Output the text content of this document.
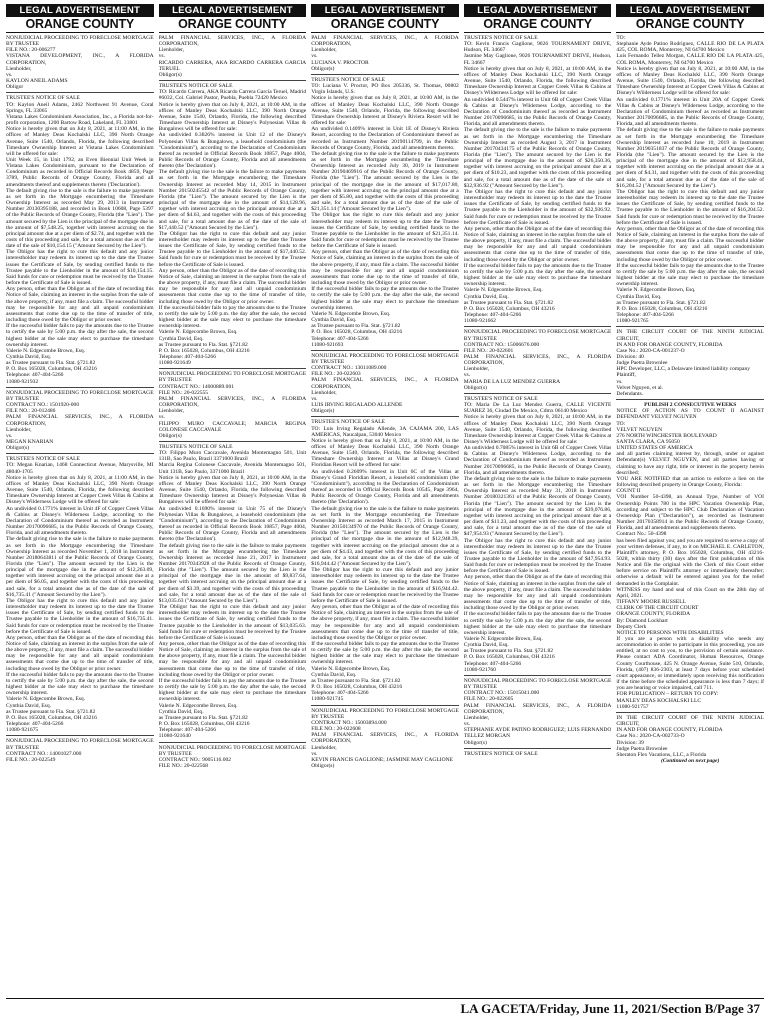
LEGAL ADVERTISEMENT
ORANGE COUNTY

NONJUDICIAL PROCEEDING TO FORECLOSE MORTGAGE BY TRUSTEE

FILE NO.: 20-006277

VISTANA DEVELOPMENT, INC., A FLORIDA CORPORATION,

Lienholder,

vs.

KAYLON ANEIL ADAMS

Obligor

TRUSTEE'S NOTICE OF SALE

TO: Kaylon Aneil Adams, 2462 Northwest 91 Avenue, Coral Springs, FL 33065

Vistana Lakes Condominium Association, Inc., a Florida not-for-profit corporation, 1200 Bartow Road, Lakeland, FL 33801

Notice is hereby given that on July 8, 2021, at 11:00 AM, in the offices of Manley Deas Kochalski LLC, 390 North Orange Avenue, Suite 1540, Orlando, Florida, the following described Timeshare Ownership Interest at Vistana Lakes Condominium will be offered for sale:

Unit Week 15, in Unit 1792, an Even Biennial Unit Week in Vistana Lakes Condominium, pursuant to the Declaration of Condominium as recorded in Official Records Book 4859, Page 3789, Public Records of Orange County, Florida and all amendments thereof and supplements thereto ('Declaration').

The default giving rise to the sale is the failure to make payments as set forth in the Mortgage encumbering the Timeshare Ownership Interest as recorded May 29, 2013 in Instrument Number 20130395188, and recorded in Book 10608, Page 5397 of the Public Records of Orange County, Florida (the "Lien"). The amount secured by the Lien is the principal of the mortgage due in the amount of $7,548.25, together with interest accruing on the principal amount due at a per diem of $2.74, and together with the costs of this proceeding and sale, for a total amount due as of the date of the sale of $10,154.15 ("Amount Secured by the Lien").

The Obligor has the right to cure this default and any junior interestholder may redeem its interest up to the date the Trustee issues the Certificate of Sale, by sending certified funds to the Trustee payable to the Lienholder in the amount of $10,154.15. Said funds for cure or redemption must be received by the Trustee before the Certificate of Sale is issued.

Any person, other than the Obligor as of the date of recording this Notice of Sale, claiming an interest in the surplus from the sale of the above property, if any, must file a claim. The successful bidder may be responsible for any and all unpaid condominium assessments that come due up to the time of transfer of title, including those owed by the Obligor or prior owner.

If the successful bidder fails to pay the amounts due to the Trustee to certify the sale by 5:00 p.m. the day after the sale, the second highest bidder at the sale may elect to purchase the timeshare ownership interest.

Valerie N. Edgecombe Brown, Esq.

Cynthia David, Esq.

as Trustee pursuant to Fla. Stat. §721.82

P. O. Box 165028, Columbus, OH 43216

Telephone: 407-404-5266

11080-921932

NONJUDICIAL PROCEEDING TO FORECLOSE MORTGAGE BY TRUSTEE

CONTRACT NO.: 1501920-000

FILE NO.: 20-012486

PALM FINANCIAL SERVICES, INC., A FLORIDA CORPORATION,

Lienholder,

vs.

MEGAN KNARIAN

Obligor(s)

TRUSTEE'S NOTICE OF SALE

TO: Megan Knarian, 1468 Connecticut Avenue, Marysville, MI 48040-1705

Notice is hereby given that on July 8, 2021, at 11:00 AM, in the offices of Manley Deas Kochalski LLC, 390 North Orange Avenue, Suite 1540, Orlando, Florida, the following described Timeshare Ownership Interest at Copper Creek Villas & Cabins at Disney's Wilderness Lodge will be offered for sale:

An undivided 0.1771% interest in Unit 4F of Copper Creek Villas & Cabins at Disney's Wilderness Lodge, according to the Declaration of Condominium thereof as recorded as Instrument Number 20170096685, in the Public Records of Orange County, Florida, and all amendments thereto.

The default giving rise to the sale is the failure to make payments as set forth in the Mortgage encumbering the Timeshare Ownership Interest as recorded November 1, 2018 in Instrument Number 20180643811 of the Public Records of Orange County, Florida (the "Lien"). The amount secured by the Lien is the principal of the mortgage due in the amount of $12,263.09, together with interest accruing on the principal amount due at a per diem of $6.05, and together with the costs of this proceeding and sale, for a total amount due as of the date of the sale of $16,735.41 ("Amount Secured by the Lien").

The Obligor has the right to cure this default and any junior interestholder may redeem its interest up to the date the Trustee issues the Certificate of Sale, by sending certified funds to the Trustee payable to the Lienholder in the amount of $16,735.41. Said funds for cure or redemption must be received by the Trustee before the Certificate of Sale is issued.

Any person, other than the Obligor as of the date of recording this Notice of Sale, claiming an interest in the surplus from the sale of the above property, if any, must file a claim. The successful bidder may be responsible for any and all unpaid condominium assessments that come due up to the time of transfer of title, including those owed by the Obligor or prior owner.

If the successful bidder fails to pay the amounts due to the Trustee to certify the sale by 5:00 p.m. the day after the sale, the second highest bidder at the sale may elect to purchase the timeshare ownership interest.

Valerie N. Edgecombe Brown, Esq.

Cynthia David, Esq.

as Trustee pursuant to Fla. Stat. §721.82

P. O. Box 165028, Columbus, OH 43216

Telephone: 407-404-5266

11080-921675

NONJUDICIAL PROCEEDING TO FORECLOSE MORTGAGE BY TRUSTEE

CONTRACT NO.: 14001027.000

FILE NO.: 20-022549

LEGAL ADVERTISEMENT
ORANGE COUNTY

PALM FINANCIAL SERVICES, INC., A FLORIDA CORPORATION,

Lienholder,

vs.

RICARDO CARRERA, AKA RICARDO CARRERA GARCIA TERUEL

Obligor(s)

TRUSTEE'S NOTICE OF SALE

TO: Ricardo Carrera, AKA Ricardo Carrera Garcia Teruel, Madrid #6032, Col. Gabriel Pastor, Puebla, Puebla 72420 Mexico

Notice is hereby given that on July 8, 2021, at 10:00 AM, in the offices of Manley Deas Kochalski LLC, 390 North Orange Avenue, Suite 1540, Orlando, Florida, the following described Timeshare Ownership Interest at Disney's Polynesian Villas & Bungalows will be offered for sale:

An undivided 0.3826% interest in Unit 12 of the Disney's Polynesian Villas & Bungalows, a leasehold condominium (the "Condominium"), according to the Declaration of Condominium thereof as recorded in Official Records Book 10857, Page 4004, Public Records of Orange County, Florida and all amendments thereto (the 'Declaration').

The default giving rise to the sale is the failure to make payments as set forth in the Mortgage encumbering the Timeshare Ownership Interest as recorded May 14, 2015 in Instrument Number 20150245542 of the Public Records of Orange County, Florida (the "Lien"). The amount secured by the Lien is the principal of the mortgage due in the amount of $14,128.96, together with interest accruing on the principal amount due at a per diem of $4.63, and together with the costs of this proceeding and sale, for a total amount due as of the date of the sale of $17,440.52 ("Amount Secured by the Lien").

The Obligor has the right to cure this default and any junior interestholder may redeem its interest up to the date the Trustee issues the Certificate of Sale, by sending certified funds to the Trustee payable to the Lienholder in the amount of $17,440.52. Said funds for cure or redemption must be received by the Trustee before the Certificate of Sale is issued.

Any person, other than the Obligor as of the date of recording this Notice of Sale, claiming an interest in the surplus from the sale of the above property, if any, must file a claim. The successful bidder may be responsible for any and all unpaid condominium assessments that come due up to the time of transfer of title, including those owed by the Obligor or prior owner.

If the successful bidder fails to pay the amounts due to the Trustee to certify the sale by 5:00 p.m. the day after the sale, the second highest bidder at the sale may elect to purchase the timeshare ownership interest.

Valerie N. Edgecombe Brown, Esq.

Cynthia David, Esq.

as Trustee pursuant to Fla. Stat. §721.82

P. O. Box 165028, Columbus, OH 43216

Telephone: 407-404-5266

11080-921649

NONJUDICIAL PROCEEDING TO FORECLOSE MORTGAGE BY TRUSTEE

CONTRACT NO.: 14000889.001

FILE NO.: 20-022555

PALM FINANCIAL SERVICES, INC., A FLORIDA CORPORATION,

Lienholder,

vs.

FILIPPO MURO CACCAVALE; MARCIA REGINA COLONESE CACCAVALE

Obligor(s)

TRUSTEE'S NOTICE OF SALE

TO: Filippo Muro Caccavale, Avenida Montemagno 501, Unit 131B, Sao Paulo, Brazil 3371000 Brazil

Marcia Regina Colonese Caccavale, Avenida Montemagno 501, Unit 131B, Sao Paulo, 3371000 Brazil

Notice is hereby given that on July 8, 2021, at 10:00 AM, in the offices of Manley Deas Kochalski LLC, 390 North Orange Avenue, Suite 1540, Orlando, Florida, the following described Timeshare Ownership Interest at Disney's Polynesian Villas & Bungalows will be offered for sale:

An undivided 0.1690% interest in Unit 75 of the Disney's Polynesian Villas & Bungalows, a leasehold condominium (the "Condominium"), according to the Declaration of Condominium thereof as recorded in Official Records Book 10857, Page 4004, Public Records of Orange County, Florida and all amendments thereto (the 'Declaration').

The default giving rise to the sale is the failure to make payments as set forth in the Mortgage encumbering the Timeshare Ownership Interest as recorded June 21, 2017 in Instrument Number 20170343928 of the Public Records of Orange County, Florida (the "Lien"). The amount secured by the Lien is the principal of the mortgage due in the amount of $9,837.64, together with interest accruing on the principal amount due at a per diem of $3.39, and together with the costs of this proceeding and sale, for a total amount due as of the date of the sale of $13,035.63 ("Amount Secured by the Lien").

The Obligor has the right to cure this default and any junior interestholder may redeem its interest up to the date the Trustee issues the Certificate of Sale, by sending certified funds to the Trustee payable to the Lienholder in the amount of $13,035.63. Said funds for cure or redemption must be received by the Trustee before the Certificate of Sale is issued.

Any person, other than the Obligor as of the date of recording this Notice of Sale, claiming an interest in the surplus from the sale of the above property, if any, must file a claim. The successful bidder may be responsible for any and all unpaid condominium assessments that come due up to the time of transfer of title, including those owed by the Obligor or prior owner.

If the successful bidder fails to pay the amounts due to the Trustee to certify the sale by 5:00 p.m. the day after the sale, the second highest bidder at the sale may elect to purchase the timeshare ownership interest.

Valerie N. Edgecombe Brown, Esq.

Cynthia David, Esq.

as Trustee pursuant to Fla. Stat. §721.82

P. O. Box 165028, Columbus, OH 43216

Telephone: 407-404-5266

11080-921640

NONJUDICIAL PROCEEDING TO FORECLOSE MORTGAGE BY TRUSTEE

CONTRACT NO.: 9005116.002

FILE NO.: 20-022568

LEGAL ADVERTISEMENT
ORANGE COUNTY

PALM FINANCIAL SERVICES, INC., A FLORIDA CORPORATION,

Lienholder,

vs.

LUCIANA V. PROCTOR

Obligor(s)

TRUSTEE'S NOTICE OF SALE

TO: Luciana V. Proctor, PO Box 205336, St. Thomas, 00802 Virgin Islands, U.S.

Notice is hereby given that on July 8, 2021, at 10:00 AM, in the offices of Manley Deas Kochalski LLC, 390 North Orange Avenue, Suite 1540, Orlando, Florida, the following described Timeshare Ownership Interest at Disney's Riviera Resort will be offered for sale:

An undivided 0.1409% interest in Unit 1E of Disney's Riviera Resort, according to the Declaration of Condominium thereof as recorded as Instrument Number 20190114799, in the Public Records of Orange County, Florida, and all amendments thereto.

The default giving rise to the sale is the failure to make payments as set forth in the Mortgage encumbering the Timeshare Ownership Interest as recorded July 30, 2019 in Instrument Number 20190469916 of the Public Records of Orange County, Florida (the "Lien"). The amount secured by the Lien is the principal of the mortgage due in the amount of $17,017.80, together with interest accruing on the principal amount due at a per diem of $5.80, and together with the costs of this proceeding and sale, for a total amount due as of the date of the sale of $21,351.14 ("Amount Secured by the Lien").

The Obligor has the right to cure this default and any junior interestholder may redeem its interest up to the date the Trustee issues the Certificate of Sale, by sending certified funds to the Trustee payable to the Lienholder in the amount of $21,351.14. Said funds for cure or redemption must be received by the Trustee before the Certificate of Sale is issued.

Any person, other than the Obligor as of the date of recording this Notice of Sale, claiming an interest in the surplus from the sale of the above property, if any, must file a claim. The successful bidder may be responsible for any and all unpaid condominium assessments that come due up to the time of transfer of title, including those owed by the Obligor or prior owner.

If the successful bidder fails to pay the amounts due to the Trustee to certify the sale by 5:00 p.m. the day after the sale, the second highest bidder at the sale may elect to purchase the timeshare ownership interest.

Valerie N. Edgecombe Brown, Esq.

Cynthia David, Esq.

as Trustee pursuant to Fla. Stat. §721.82

P. O. Box 165028, Columbus, OH 43216

Telephone: 407-404-5266

11080-921693

NONJUDICIAL PROCEEDING TO FORECLOSE MORTGAGE BY TRUSTEE

CONTRACT NO.: 13011089.000

FILE NO.: 20-022603

PALM FINANCIAL SERVICES, INC., A FLORIDA CORPORATION,

Lienholder,

vs.

LUIS IRVING REGALADO ALLENDE

Obligor(s)

TRUSTEE'S NOTICE OF SALE

TO: Luis Irving Regalado Allende, 3A CAJAMA 200, LAS AMERICAS, Naucalpan, 53040 Mexico

Notice is hereby given that on July 8, 2021, at 10:00 AM, in the offices of Manley Deas Kochalski LLC, 390 North Orange Avenue, Suite 1540, Orlando, Florida, the following described Timeshare Ownership Interest at Villas at Disney's Grand Floridian Resort will be offered for sale:

An undivided 0.2609% interest in Unit 6C of the Villas at Disney's Grand Floridian Resort, a leasehold condominium (the "Condominium"), according to the Declaration of Condominium thereof as recorded in Official Records Book 10545, Page 3964, Public Records of Orange County, Florida and all amendments thereto (the 'Declaration').

The default giving rise to the sale is the failure to make payments as set forth in the Mortgage encumbering the Timeshare Ownership Interest as recorded March 17, 2015 in Instrument Number 20150134970 of the Public Records of Orange County, Florida (the "Lien"). The amount secured by the Lien is the principal of the mortgage due in the amount of $12,948.39, together with interest accruing on the principal amount due at a per diem of $4.43, and together with the costs of this proceeding and sale, for a total amount due as of the date of the sale of $16,944.42 ("Amount Secured by the Lien").

The Obligor has the right to cure this default and any junior interestholder may redeem its interest up to the date the Trustee issues the Certificate of Sale, by sending certified funds to the Trustee payable to the Lienholder in the amount of $16,944.42. Said funds for cure or redemption must be received by the Trustee before the Certificate of Sale is issued.

Any person, other than the Obligor as of the date of recording this Notice of Sale, claiming an interest in the surplus from the sale of the above property, if any, must file a claim. The successful bidder may be responsible for any and all unpaid condominium assessments that come due up to the time of transfer of title, including those owed by the Obligor or prior owner.

If the successful bidder fails to pay the amounts due to the Trustee to certify the sale by 5:00 p.m. the day after the sale, the second highest bidder at the sale may elect to purchase the timeshare ownership interest.

Valerie N. Edgecombe Brown, Esq.

Cynthia David, Esq.

as Trustee pursuant to Fla. Stat. §721.82

P. O. Box 165028, Columbus, OH 43216

Telephone: 407-404-5266

11080-921745

NONJUDICIAL PROCEEDING TO FORECLOSE MORTGAGE BY TRUSTEE

CONTRACT NO.: 15003894.000

FILE NO.: 20-022608

PALM FINANCIAL SERVICES, INC., A FLORIDA CORPORATION,

Lienholder,

vs.

KEVIN FRANCIS GAGLIONE; JASMINE MAY CAGLIONE

Obligor(s)

LEGAL ADVERTISEMENT
ORANGE COUNTY

TRUSTEE'S NOTICE OF SALE

TO: Kevin Francis Gaglione, 9026 TOURNAMENT DRIVE, Hudson, FL 34667

Jasmine May Gaglione, 9026 TOURNAMENT DRIVE, Hudson, FL 34667

Notice is hereby given that on July 8, 2021, at 10:00 AM, in the offices of Manley Deas Kochalski LLC, 390 North Orange Avenue, Suite 1540, Orlando, Florida, the following described Timeshare Ownership Interest at Copper Creek Villas & Cabins at Disney's Wilderness Lodge will be offered for sale:

An undivided 0.5447% interest in Unit 6B of Copper Creek Villas & Cabins at Disney's Wilderness Lodge, according to the Declaration of Condominium thereof as recorded as Instrument Number 20170096685, in the Public Records of Orange County, Florida, and all amendments thereto.

The default giving rise to the sale is the failure to make payments as set forth in the Mortgage encumbering the Timeshare Ownership Interest as recorded August 3, 2017 in Instrument Number 20170434175 of the Public Records of Orange County, Florida (the "Lien"). The amount secured by the Lien is the principal of the mortgage due in the amount of $26,350.36, together with interest accruing on the principal amount due at a per diem of $10.23, and together with the costs of this proceeding and sale, for a total amount due as of the date of the sale of $32,936.92 ("Amount Secured by the Lien").

The Obligor has the right to cure this default and any junior interestholder may redeem its interest up to the date the Trustee issues the Certificate of Sale, by sending certified funds to the Trustee payable to the Lienholder in the amount of $32,936.92. Said funds for cure or redemption must be received by the Trustee before the Certificate of Sale is issued.

Any person, other than the Obligor as of the date of recording this Notice of Sale, claiming an interest in the surplus from the sale of the above property, if any, must file a claim. The successful bidder may be responsible for any and all unpaid condominium assessments that come due up to the time of transfer of title, including those owed by the Obligor or prior owner.

If the successful bidder fails to pay the amounts due to the Trustee to certify the sale by 5:00 p.m. the day after the sale, the second highest bidder at the sale may elect to purchase the timeshare ownership interest.

Valerie N. Edgecombe Brown, Esq.

Cynthia David, Esq.

as Trustee pursuant to Fla. Stat. §721.82

P. O. Box 165028, Columbus, OH 43216

Telephone: 407-404-5266

11080-921662

NONJUDICIAL PROCEEDING TO FORECLOSE MORTGAGE BY TRUSTEE

CONTRACT NO.: 15006676.000

FILE NO.: 20-022601

PALM FINANCIAL SERVICES, INC., A FLORIDA CORPORATION,

Lienholder,

vs.

MARIA DE LA LUZ MENDEZ GUERRA

Obligor(s)

TRUSTEE'S NOTICE OF SALE

TO: Maria De La Luz Mendez Guerra, CALLE VICENTE SUAREZ 36, Ciudad De Mexico, Cdmx 06140 Mexico

Notice is hereby given that on July 8, 2021, at 10:00 AM, in the offices of Manley Deas Kochalski LLC, 390 North Orange Avenue, Suite 1540, Orlando, Florida, the following described Timeshare Ownership Interest at Copper Creek Villas & Cabins at Disney's Wilderness Lodge will be offered for sale:

An undivided 0.7085% interest in Unit 6B of Copper Creek Villas & Cabins at Disney's Wilderness Lodge, according to the Declaration of Condominium thereof as recorded as Instrument Number 20170096685, in the Public Records of Orange County, Florida, and all amendments thereto.

The default giving rise to the sale is the failure to make payments as set forth in the Mortgage encumbering the Timeshare Ownership Interest as recorded May 31, 2018 in Instrument Number 20180321361 of the Public Records of Orange County, Florida (the "Lien"). The amount secured by the Lien is the principal of the mortgage due in the amount of $39,076.86, together with interest accruing on the principal amount due at a per diem of $11.23, and together with the costs of this proceeding and sale, for a total amount due as of the date of the sale of $47,954.93 ("Amount Secured by the Lien").

The Obligor has the right to cure this default and any junior interestholder may redeem its interest up to the date the Trustee issues the Certificate of Sale, by sending certified funds to the Trustee payable to the Lienholder in the amount of $47,954.93. Said funds for cure or redemption must be received by the Trustee before the Certificate of Sale is issued.

Any person, other than the Obligor as of the date of recording this Notice of Sale, claiming an interest in the surplus from the sale of the above property, if any, must file a claim. The successful bidder may be responsible for any and all unpaid condominium assessments that come due up to the time of transfer of title, including those owed by the Obligor or prior owner.

If the successful bidder fails to pay the amounts due to the Trustee to certify the sale by 5:00 p.m. the day after the sale, the second highest bidder at the sale may elect to purchase the timeshare ownership interest.

Valerie N. Edgecombe Brown, Esq.

Cynthia David, Esq.

as Trustee pursuant to Fla. Stat. §721.82

P. O. Box 165028, Columbus, OH 43216

Telephone: 407-404-5266

11080-921760

NONJUDICIAL PROCEEDING TO FORECLOSE MORTGAGE BY TRUSTEE

CONTRACT NO.: 15015041.000

FILE NO.: 20-022605

PALM FINANCIAL SERVICES, INC., A FLORIDA CORPORATION,

Lienholder,

vs.

STEPHANIE AYDE PATINO RODRIGUEZ; LUIS FERNANDO TELLEZ MORGAN

Obligor(s)

TRUSTEE'S NOTICE OF SALE

LEGAL ADVERTISEMENT
ORANGE COUNTY

TO:

Stephanie Ayde Patino Rodriguez, CALLE RIO DE LA PLATA 425, COL ROMA, Monterrey, NI 64700 Mexico

Luis Fernando Tellez Morgan, CALLE RIO DE LA PLATA 425, COL ROMA, Monterrey, NI 64700 Mexico

Notice is hereby given that on July 8, 2021, at 10:00 AM, in the offices of Manley Deas Kochalski LLC, 390 North Orange Avenue, Suite 1540, Orlando, Florida, the following described Timeshare Ownership Interest at Copper Creek Villas & Cabins at Disney's Wilderness Lodge will be offered for sale:

An undivided 0.1771% interest in Unit 20A of Copper Creek Villas & Cabins at Disney's Wilderness Lodge, according to the Declaration of Condominium thereof as recorded as Instrument Number 20170096685, in the Public Records of Orange County, Florida, and all amendments thereto.

The default giving rise to the sale is the failure to make payments as set forth in the Mortgage encumbering the Timeshare Ownership Interest as recorded June 10, 2019 in Instrument Number 20190351837 of the Public Records of Orange County, Florida (the "Lien"). The amount secured by the Lien is the principal of the mortgage due in the amount of $12,958.44, together with interest accruing on the principal amount due at a per diem of $4.31, and together with the costs of this proceeding and sale, for a total amount due as of the date of the sale of $16,204.52 ("Amount Secured by the Lien").

The Obligor has the right to cure this default and any junior interestholder may redeem its interest up to the date the Trustee issues the Certificate of Sale, by sending certified funds to the Trustee payable to the Lienholder in the amount of $16,204.52. Said funds for cure or redemption must be received by the Trustee before the Certificate of Sale is issued.

Any person, other than the Obligor as of the date of recording this Notice of Sale, claiming an interest in the surplus from the sale of the above property, if any, must file a claim. The successful bidder may be responsible for any and all unpaid condominium assessments that come due up to the time of transfer of title, including those owed by the Obligor or prior owner.

If the successful bidder fails to pay the amounts due to the Trustee to certify the sale by 5:00 p.m. the day after the sale, the second highest bidder at the sale may elect to purchase the timeshare ownership interest.

Valerie N. Edgecombe Brown, Esq.

Cynthia David, Esq.

as Trustee pursuant to Fla. Stat. §721.82

P. O. Box 165028, Columbus, OH 43216

Telephone: 407-404-5266

11080-921765

IN THE CIRCUIT COURT OF THE NINTH JUDICIAL CIRCUIT,

IN AND FOR ORANGE COUNTY, FLORIDA

Case No.: 2020-CA-001237-O

Division: 40

Judge Paetra Brownlee

HPC Developer, LLC, a Delaware limited liability company

Plaintiff,

vs.

Velvet Nguyen, et al.

Defendants.

PUBLISH 2 CONSECUTIVE WEEKS

NOTICE OF ACTION AS TO COUNT II AGAINST DEFENDANT VELVET NGUYEN

TO:

VELVET NGUYEN

276 NORTH WINCHESTER BOULEVARD

SANTA CLARA, CA 95050

UNITED STATES OF AMERICA

and all parties claiming interest by, through, under or against Defendant(s) VELVET NGUYEN, and all parties having or claiming to have any right, title or interest in the property herein described;

YOU ARE NOTIFIED that an action to enforce a lien on the following described property in Orange County, Florida:

COUNT II

VOI Number 50-4398, an Annual Type, Number of VOI Ownership Points 780 in the HPC Vacation Ownership Plan, according and subject to the HPC Club Declaration of Vacation Ownership Plan ("Declaration"), as recorded as Instrument Number 20170358914 in the Public Records of Orange County, Florida, and all amendments and supplements thereto.

Contract No.: 50-4398

has been filed against you; and you are required to serve a copy of your written defenses, if any, to it on MICHAEL E. CARLETON, Plaintiff's attorney, P. O. Box 165028, Columbus, OH 43216-5028, within thirty (30) days after the first publication of this Notice and file the original with the Clerk of this Court either before service on Plaintiff's attorney or immediately thereafter; otherwise a default will be entered against you for the relief demanded in the Complaint.

WITNESS my hand and seal of this Court on the 28th day of April, 2021.

TIFFANY MOORE RUSSELL

CLERK OF THE CIRCUIT COURT

ORANGE COUNTY, FLORIDA

By: Diamond Lockhart

Deputy Clerk

NOTICE TO PERSONS WITH DISABILITIES

If you are a person with a disability who needs any accommodation in order to participate in this proceeding, you are entitled, at no cost to you, to the provision of certain assistance. Please contact ADA Coordinator, Human Resources, Orange County Courthouse, 425 N. Orange Avenue, Suite 510, Orlando, Florida, (407) 836-2303, at least 7 days before your scheduled court appearance, or immediately upon receiving this notification if the time before the scheduled appearance is less than 7 days; if you are hearing or voice impaired, call 711.

FOR PUBLICATION – RETURN TO COPY:

MANLEY DEAS KOCHALSKI LLC

11080-921757

IN THE CIRCUIT COURT OF THE NINTH JUDICIAL CIRCUIT,

IN AND FOR ORANGE COUNTY, FLORIDA

Case No.: 2020-CA-002733-O

Division: 39

Judge Paetra Brownlee

Sheraton Flex Vacations, LLC, a Florida

(Continued on next page)

LA GACETA/Friday, June 11, 2021/Section B/Page 37
